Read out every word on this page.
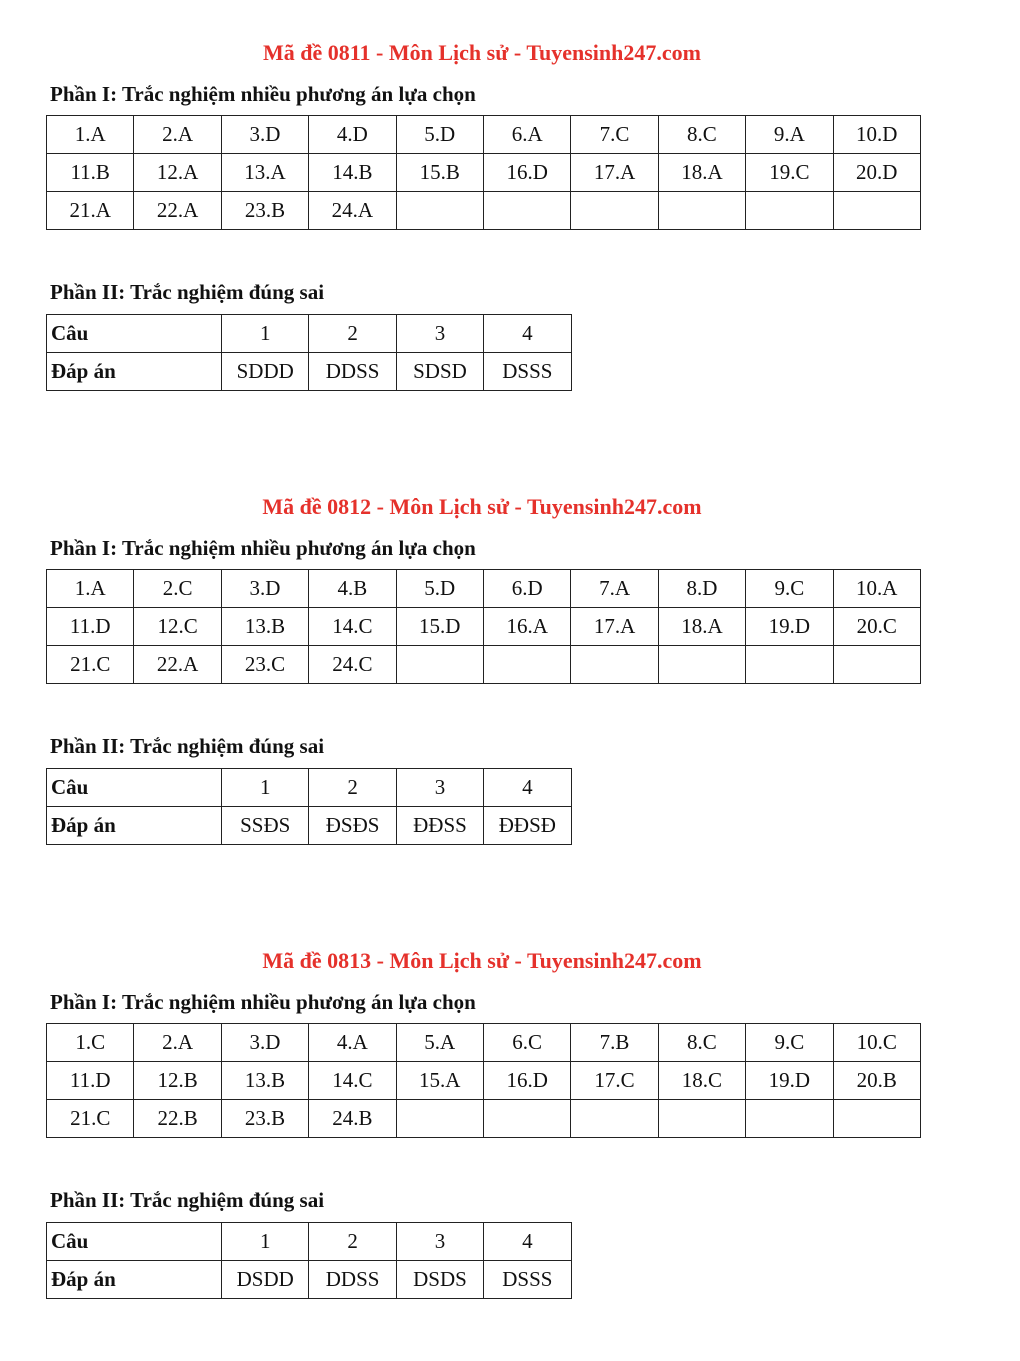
Mã đề 0811 - Môn Lịch sử - Tuyensinh247.com
Phần I: Trắc nghiệm nhiều phương án lựa chọn
1.A	2.A	3.D	4.D	5.D	6.A	7.C	8.C	9.A	10.D
11.B	12.A	13.A	14.B	15.B	16.D	17.A	18.A	19.C	20.D
21.A	22.A	23.B	24.A						
Phần II: Trắc nghiệm đúng sai
Câu	1	2	3	4
Đáp án	SDDD	DDSS	SDSD	DSSS
Mã đề 0812 - Môn Lịch sử - Tuyensinh247.com
Phần I: Trắc nghiệm nhiều phương án lựa chọn
1.A	2.C	3.D	4.B	5.D	6.D	7.A	8.D	9.C	10.A
11.D	12.C	13.B	14.C	15.D	16.A	17.A	18.A	19.D	20.C
21.C	22.A	23.C	24.C						
Phần II: Trắc nghiệm đúng sai
Câu	1	2	3	4
Đáp án	SSĐS	ĐSĐS	ĐĐSS	ĐĐSĐ
Mã đề 0813 - Môn Lịch sử - Tuyensinh247.com
Phần I: Trắc nghiệm nhiều phương án lựa chọn
1.C	2.A	3.D	4.A	5.A	6.C	7.B	8.C	9.C	10.C
11.D	12.B	13.B	14.C	15.A	16.D	17.C	18.C	19.D	20.B
21.C	22.B	23.B	24.B						
Phần II: Trắc nghiệm đúng sai
Câu	1	2	3	4
Đáp án	DSDD	DDSS	DSDS	DSSS
